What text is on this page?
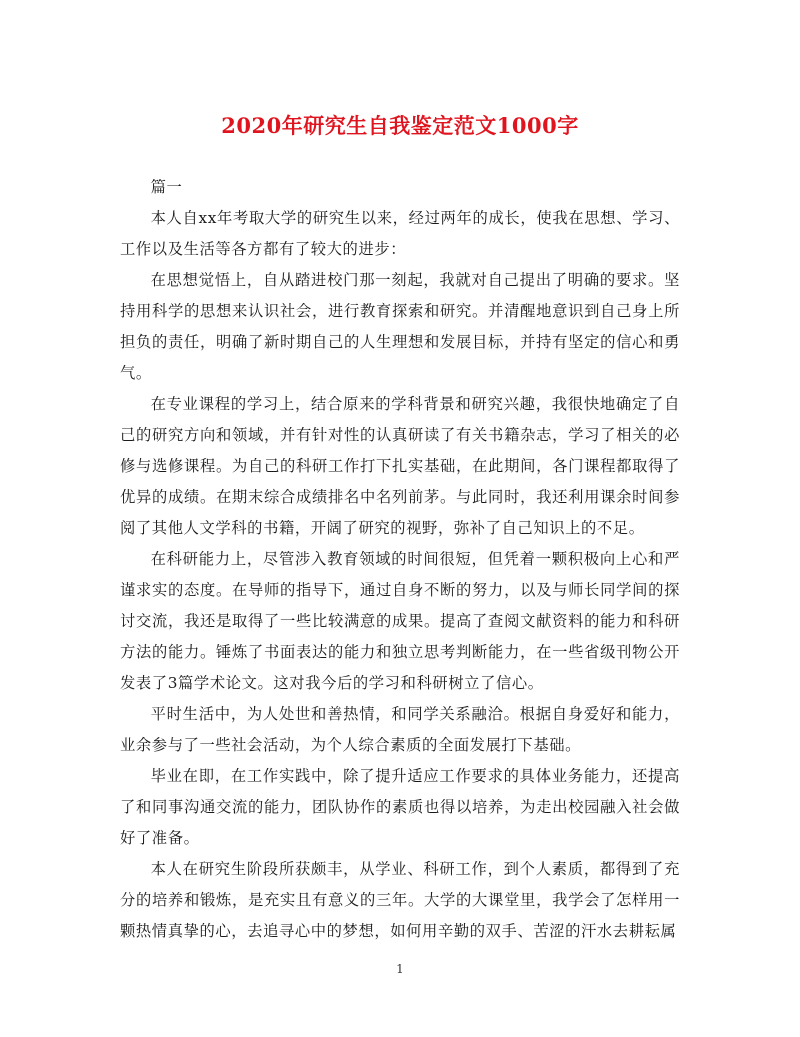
2020年研究生自我鉴定范文1000字

篇一

本人自xx年考取大学的研究生以来，经过两年的成长，使我在思想、学习、工作以及生活等各方都有了较大的进步：

在思想觉悟上，自从踏进校门那一刻起，我就对自己提出了明确的要求。坚持用科学的思想来认识社会，进行教育探索和研究。并清醒地意识到自己身上所担负的责任，明确了新时期自己的人生理想和发展目标，并持有坚定的信心和勇气。

在专业课程的学习上，结合原来的学科背景和研究兴趣，我很快地确定了自己的研究方向和领域，并有针对性的认真研读了有关书籍杂志，学习了相关的必修与选修课程。为自己的科研工作打下扎实基础，在此期间，各门课程都取得了优异的成绩。在期末综合成绩排名中名列前茅。与此同时，我还利用课余时间参阅了其他人文学科的书籍，开阔了研究的视野，弥补了自己知识上的不足。

在科研能力上，尽管涉入教育领域的时间很短，但凭着一颗积极向上心和严谨求实的态度。在导师的指导下，通过自身不断的努力，以及与师长同学间的探讨交流，我还是取得了一些比较满意的成果。提高了查阅文献资料的能力和科研方法的能力。锤炼了书面表达的能力和独立思考判断能力，在一些省级刊物公开发表了3篇学术论文。这对我今后的学习和科研树立了信心。

平时生活中，为人处世和善热情，和同学关系融洽。根据自身爱好和能力，业余参与了一些社会活动，为个人综合素质的全面发展打下基础。

毕业在即，在工作实践中，除了提升适应工作要求的具体业务能力，还提高了和同事沟通交流的能力，团队协作的素质也得以培养，为走出校园融入社会做好了准备。

本人在研究生阶段所获颇丰，从学业、科研工作，到个人素质，都得到了充分的培养和锻炼，是充实且有意义的三年。大学的大课堂里，我学会了怎样用一颗热情真挚的心，去追寻心中的梦想，如何用辛勤的双手、苦涩的汗水去耕耘属

1
